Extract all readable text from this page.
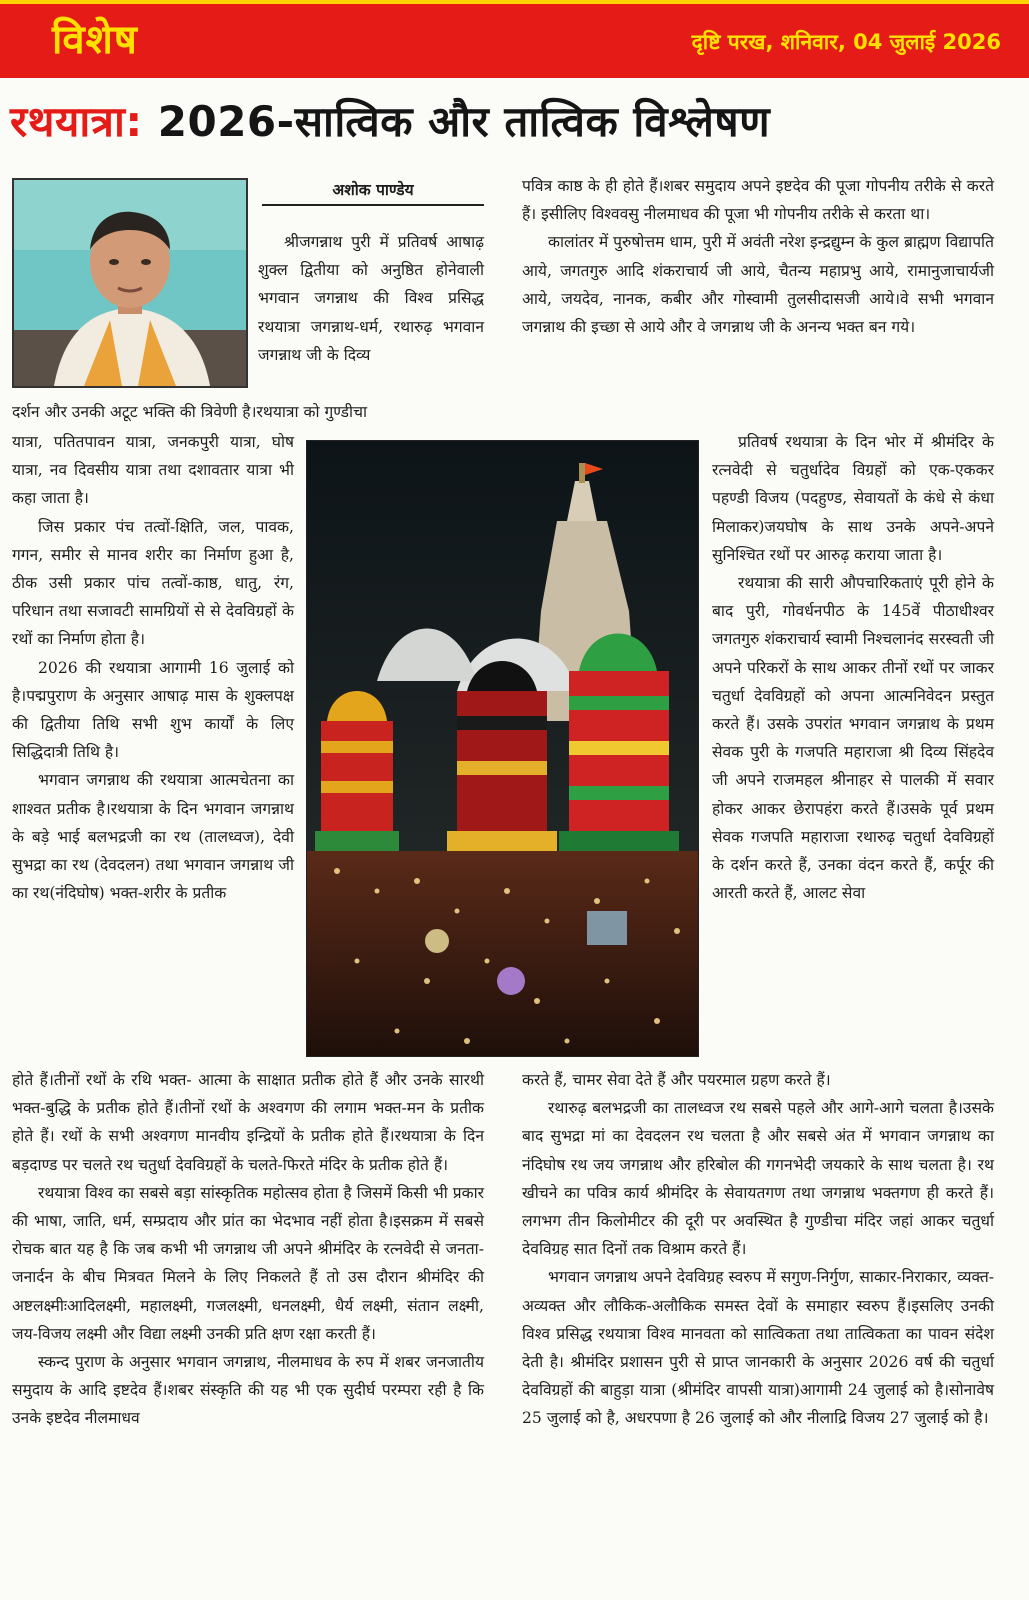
विशेष	दृष्टि परख, शनिवार, 04 जुलाई 2026
रथयात्रा: 2026-सात्विक और तात्विक विश्लेषण
अशोक पाण्डेय

श्रीजगन्नाथ पुरी में प्रतिवर्ष आषाढ़ शुक्ल द्वितीया को अनुष्ठित होनेवाली भगवान जगन्नाथ की विश्व प्रसिद्ध रथयात्रा जगन्नाथ-धर्म, रथारुढ़ भगवान जगन्नाथ जी के दिव्य

दर्शन और उनकी अटूट भक्ति की त्रिवेणी है।रथयात्रा को गुण्डीचा

यात्रा, पतितपावन यात्रा, जनकपुरी यात्रा, घोष यात्रा, नव दिवसीय यात्रा तथा दशावतार यात्रा भी कहा जाता है।

जिस प्रकार पंच तत्वों-क्षिति, जल, पावक, गगन, समीर से मानव शरीर का निर्माण हुआ है, ठीक उसी प्रकार पांच तत्वों-काष्ठ, धातु, रंग, परिधान तथा सजावटी सामग्रियों से से देवविग्रहों के रथों का निर्माण होता है।

2026 की रथयात्रा आगामी 16 जुलाई को है।पद्मपुराण के अनुसार आषाढ़ मास के शुक्लपक्ष की द्वितीया तिथि सभी शुभ कार्यों के लिए सिद्धिदात्री तिथि है।

भगवान जगन्नाथ की रथयात्रा आत्मचेतना का शाश्वत प्रतीक है।रथयात्रा के दिन भगवान जगन्नाथ के बड़े भाई बलभद्रजी का रथ (तालध्वज), देवी सुभद्रा का रथ (देवदलन) तथा भगवान जगन्नाथ जी का रथ(नंदिघोष) भक्त-शरीर के प्रतीक

होते हैं।तीनों रथों के रथि भक्त- आत्मा के साक्षात प्रतीक होते हैं और उनके सारथी भक्त-बुद्धि के प्रतीक होते हैं।तीनों रथों के अश्वगण की लगाम भक्त-मन के प्रतीक होते हैं। रथों के सभी अश्वगण मानवीय इन्द्रियों के प्रतीक होते हैं।रथयात्रा के दिन बड़दाण्ड पर चलते रथ चतुर्धा देवविग्रहों के चलते-फिरते मंदिर के प्रतीक होते हैं।

रथयात्रा विश्व का सबसे बड़ा सांस्कृतिक महोत्सव होता है जिसमें किसी भी प्रकार की भाषा, जाति, धर्म, सम्प्रदाय और प्रांत का भेदभाव नहीं होता है।इसक्रम में सबसे रोचक बात यह है कि जब कभी भी जगन्नाथ जी अपने श्रीमंदिर के रत्नवेदी से जनता-जनार्दन के बीच मित्रवत मिलने के लिए निकलते हैं तो उस दौरान श्रीमंदिर की अष्टलक्ष्मीःआदिलक्ष्मी, महालक्ष्मी, गजलक्ष्मी, धनलक्ष्मी, धैर्य लक्ष्मी, संतान लक्ष्मी, जय-विजय लक्ष्मी और विद्या लक्ष्मी उनकी प्रति क्षण रक्षा करती हैं।

स्कन्द पुराण के अनुसार भगवान जगन्नाथ, नीलमाधव के रुप में शबर जनजातीय समुदाय के आदि इष्टदेव हैं।शबर संस्कृति की यह भी एक सुदीर्घ परम्परा रही है कि उनके इष्टदेव नीलमाधव

पवित्र काष्ठ के ही होते हैं।शबर समुदाय अपने इष्टदेव की पूजा गोपनीय तरीके से करते हैं। इसीलिए विश्ववसु नीलमाधव की पूजा भी गोपनीय तरीके से करता था।

कालांतर में पुरुषोत्तम धाम, पुरी में अवंती नरेश इन्द्रद्युम्न के कुल ब्राह्मण विद्यापति आये, जगतगुरु आदि शंकराचार्य जी आये, चैतन्य महाप्रभु आये, रामानुजाचार्यजी आये, जयदेव, नानक, कबीर और गोस्वामी तुलसीदासजी आये।वे सभी भगवान जगन्नाथ की इच्छा से आये और वे जगन्नाथ जी के अनन्य भक्त बन गये।

प्रतिवर्ष रथयात्रा के दिन भोर में श्रीमंदिर के रत्नवेदी से चतुर्धादेव विग्रहों को एक-एककर पहण्डी विजय (पदहुण्ड, सेवायतों के कंधे से कंधा मिलाकर)जयघोष के साथ उनके अपने-अपने सुनिश्चित रथों पर आरुढ़ कराया जाता है।

रथयात्रा की सारी औपचारिकताएं पूरी होने के बाद पुरी, गोवर्धनपीठ के 145वें पीठाधीश्वर जगतगुरु शंकराचार्य स्वामी निश्चलानंद सरस्वती जी अपने परिकरों के साथ आकर तीनों रथों पर जाकर चतुर्धा देवविग्रहों को अपना आत्मनिवेदन प्रस्तुत करते हैं। उसके उपरांत भगवान जगन्नाथ के प्रथम सेवक पुरी के गजपति महाराजा श्री दिव्य सिंहदेव जी अपने राजमहल श्रीनाहर से पालकी में सवार होकर आकर छेरापहंरा करते हैं।उसके पूर्व प्रथम सेवक गजपति महाराजा रथारुढ़ चतुर्धा देवविग्रहों के दर्शन करते हैं, उनका वंदन करते हैं, कर्पूर की आरती करते हैं, आलट सेवा

करते हैं, चामर सेवा देते हैं और पयरमाल ग्रहण करते हैं।

रथारुढ़ बलभद्रजी का तालध्वज रथ सबसे पहले और आगे-आगे चलता है।उसके बाद सुभद्रा मां का देवदलन रथ चलता है और सबसे अंत में भगवान जगन्नाथ का नंदिघोष रथ जय जगन्नाथ और हरिबोल की गगनभेदी जयकारे के साथ चलता है। रथ खीचने का पवित्र कार्य श्रीमंदिर के सेवायतगण तथा जगन्नाथ भक्तगण ही करते हैं।लगभग तीन किलोमीटर की दूरी पर अवस्थित है गुण्डीचा मंदिर जहां आकर चतुर्धा देवविग्रह सात दिनों तक विश्राम करते हैं।

भगवान जगन्नाथ अपने देवविग्रह स्वरुप में सगुण-निर्गुण, साकार-निराकार, व्यक्त-अव्यक्त और लौकिक-अलौकिक समस्त देवों के समाहार स्वरुप हैं।इसलिए उनकी विश्व प्रसिद्ध रथयात्रा विश्व मानवता को सात्विकता तथा तात्विकता का पावन संदेश देती है। श्रीमंदिर प्रशासन पुरी से प्राप्त जानकारी के अनुसार 2026 वर्ष की चतुर्धा देवविग्रहों की बाहुड़ा यात्रा (श्रीमंदिर वापसी यात्रा)आगामी 24 जुलाई को है।सोनावेष 25 जुलाई को है, अधरपणा है 26 जुलाई को और नीलाद्रि विजय 27 जुलाई को है।
